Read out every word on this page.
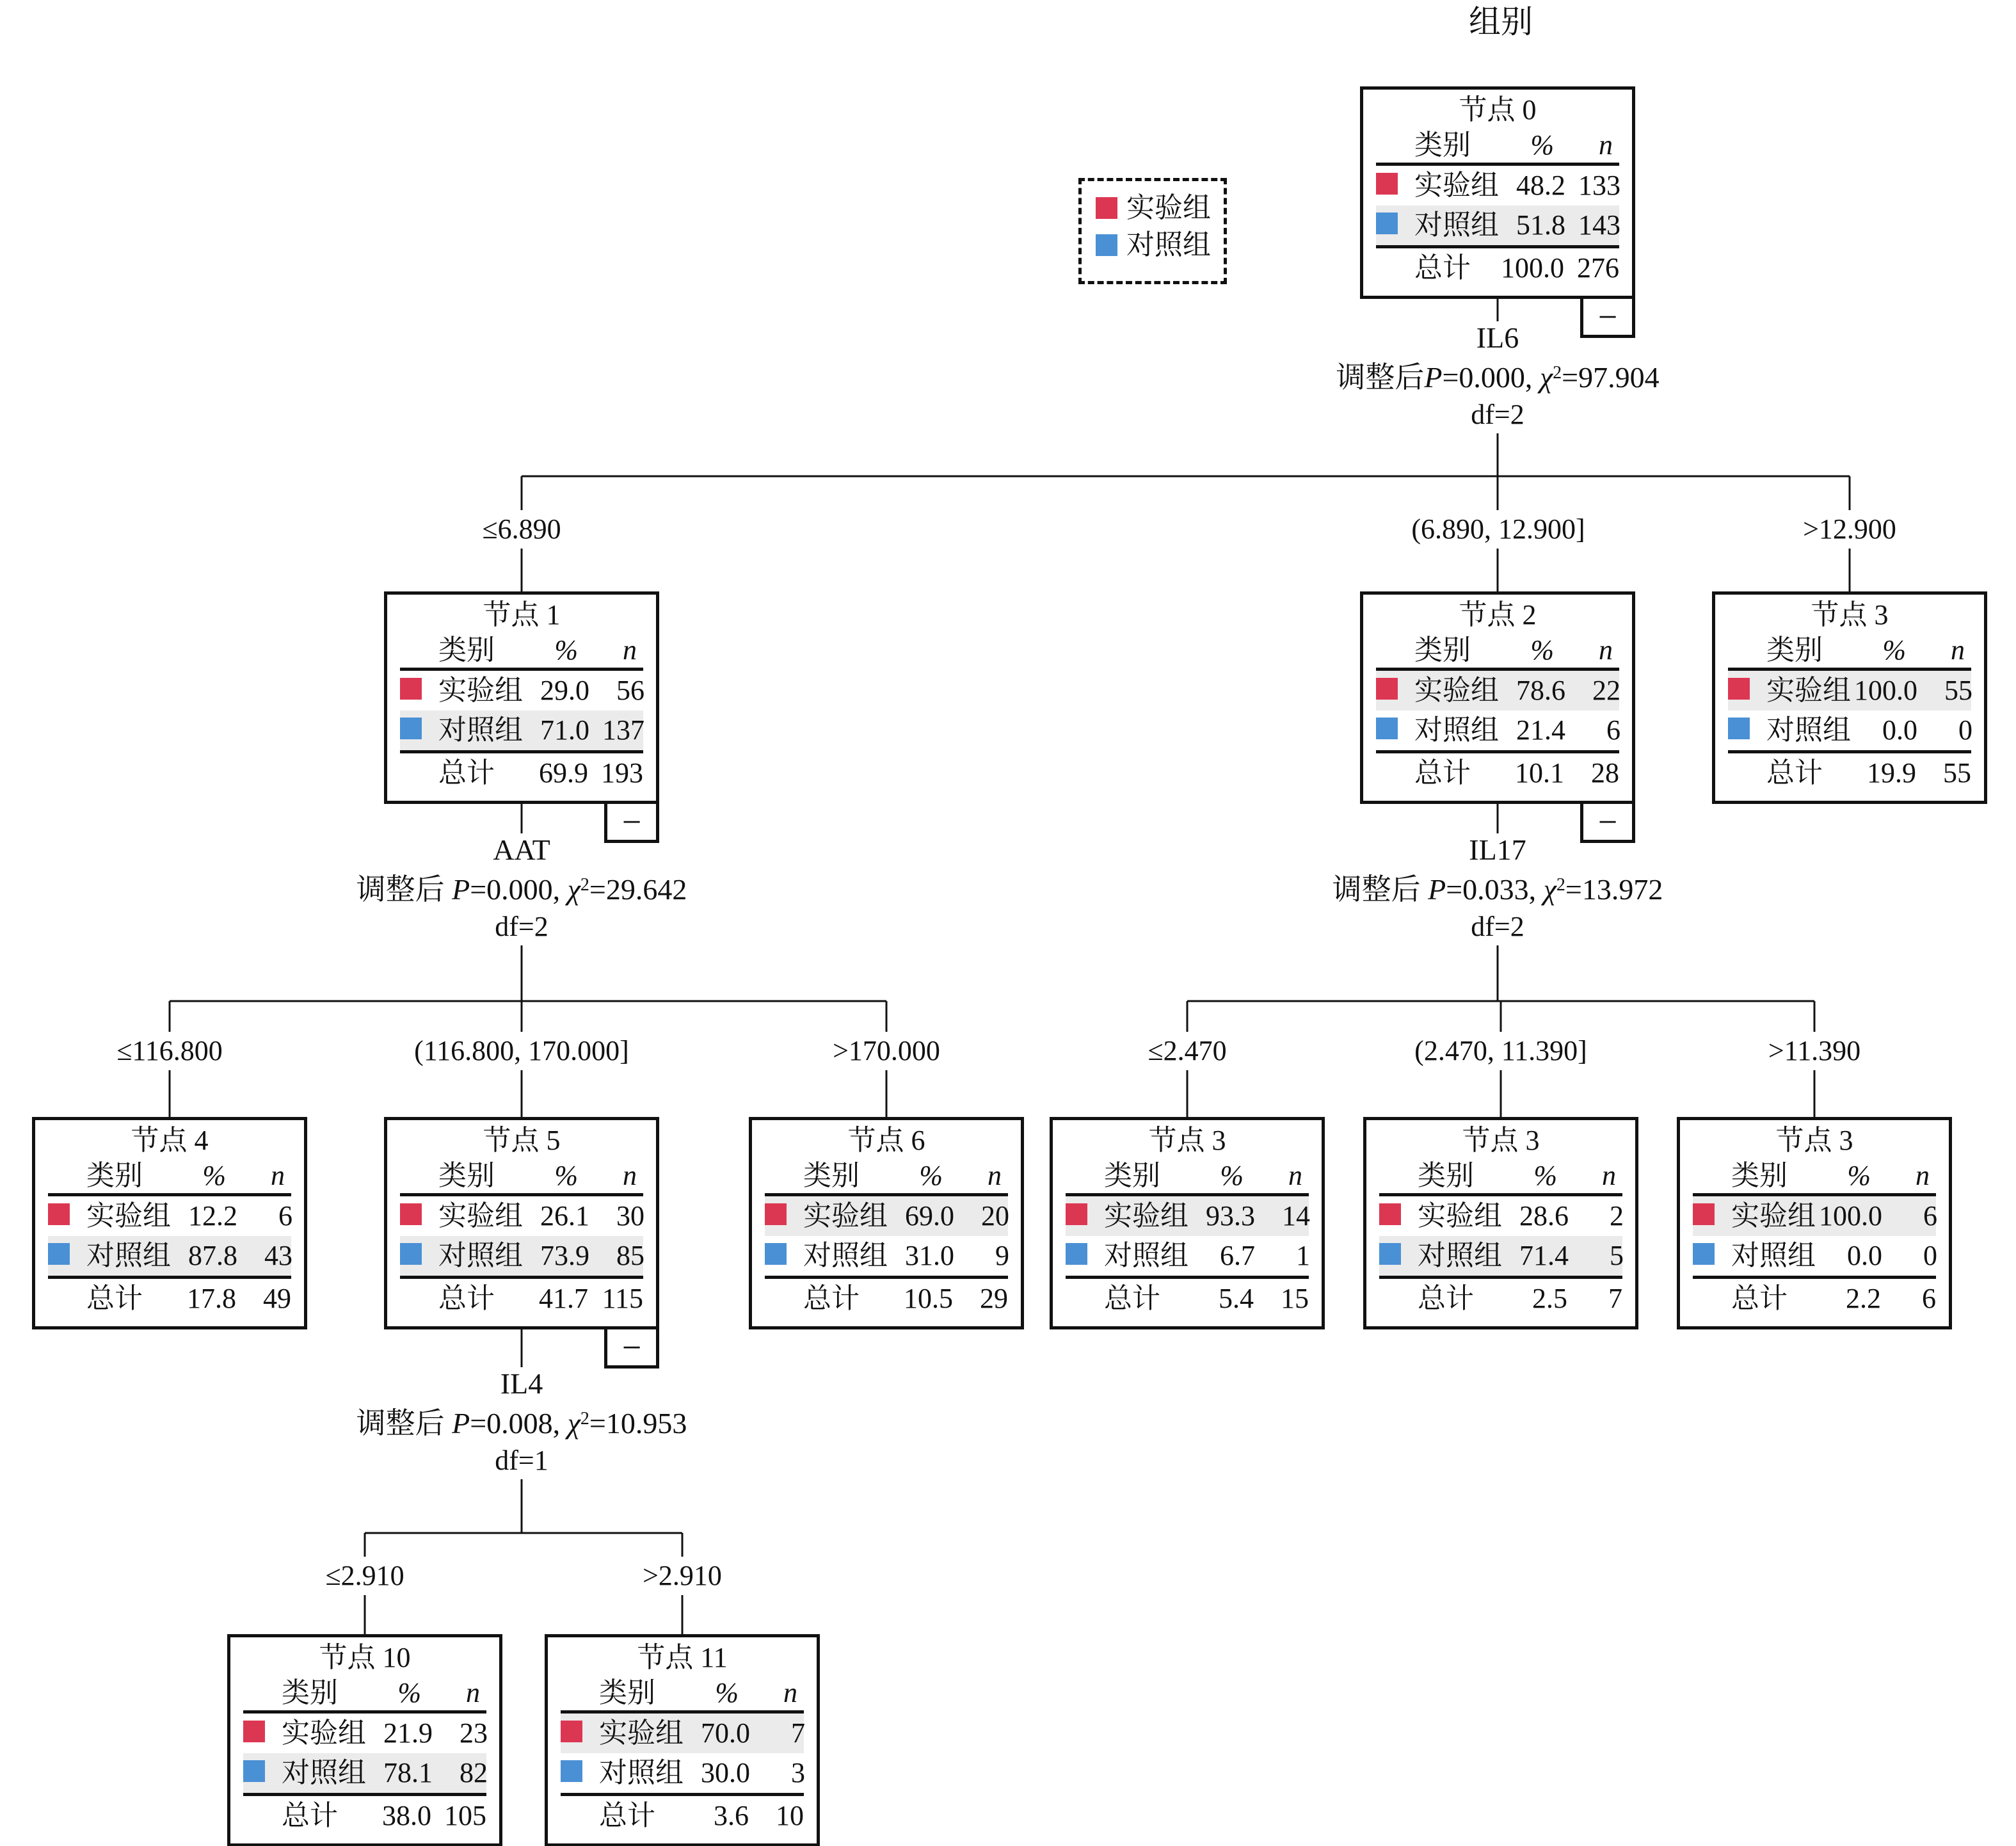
组别
实验组
对照组
IL6
调整后P=0.000, $\chi^2=97.904$
df=2
AAT
调整后 P=0.000, $\chi^2=29.642$
df=2
IL17
调整后 P=0.033, $\chi^2=13.972$
df=2
IL4
调整后 P=0.008, $\chi^2=10.953$
df=1
≤6.890	(6.890, 12.900]	>12.900
≤116.800	(116.800, 170.000]	>170.000	≤2.470	(2.470, 11.390]	>11.390
≤2.910	>2.910
节点 0
类别	%	n
实验组 48.2 133
对照组 51.8 143
总计	100.0 276
−
节点 1
类别	%	n
实验组 29.0 56
对照组 71.0 137
总计	69.9 193
−
节点 2
类别	%	n
实验组 78.6 22
对照组 21.4	6
总计	10.1 28
−
节点 3
类别	%	n
实验组 100.0 55
对照组	0.0	0
总计	19.9 55
节点 4
类别	%	n
实验组 12.2	6
对照组 87.8 43
总计	17.8 49
节点 5
类别	%	n
实验组 26.1 30
对照组 73.9 85
总计	41.7 115
−
节点 6
类别	%	n
实验组 69.0 20
对照组 31.0	9
总计	10.5 29
节点 3
类别	%	n
实验组 93.3 14
对照组	6.7	1
总计	5.4 15
节点 3
类别	%	n
实验组 28.6	2
对照组 71.4	5
总计	2.5	7
节点 3
类别	%	n
实验组 100.0	6
对照组	0.0	0
总计	2.2	6
节点 10
类别	%	n
实验组 21.9 23
对照组 78.1 82
总计	38.0 105
节点 11
类别	%	n
实验组 70.0	7
对照组 30.0	3
总计	3.6 10
